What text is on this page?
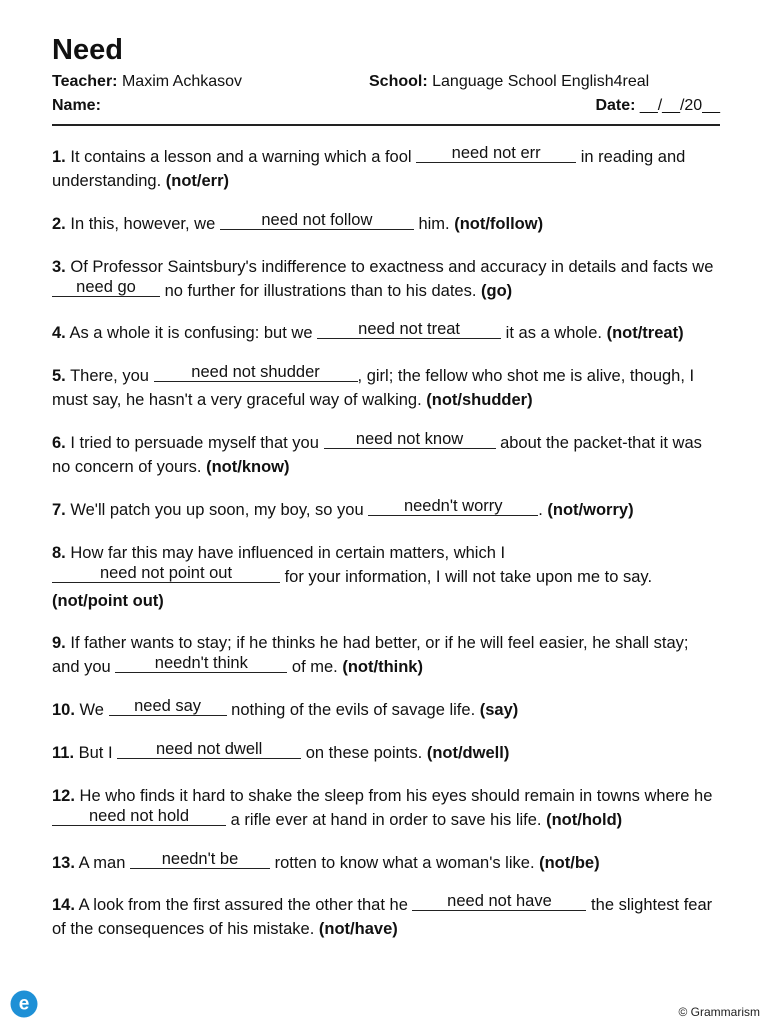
Need
Teacher: Maxim Achkasov	School: Language School English4real
Name:	Date: __/__/20__

1. It contains a lesson and a warning which a fool need not err in reading and understanding. (not/err)

2. In this, however, we	need not follow	him. (not/follow)

3. Of Professor Saintsbury's indifference to exactness and accuracy in details and facts we need go no further for illustrations than to his dates. (go)

4. As a whole it is confusing: but we need not treat it as a whole. (not/treat)

5. There, you need not shudder , girl; the fellow who shot me is alive, though, I must say, he hasn't a very graceful way of walking. (not/shudder)

6. I tried to persuade myself that you need not know about the packet-that it was no concern of yours. (not/know)

7. We'll patch you up soon, my boy, so you needn't worry . (not/worry)

8. How far this may have influenced in certain matters, which I need not point out	for your information, I will not take upon me to say. (not/point out)

9. If father wants to stay; if he thinks he had better, or if he will feel easier, he shall stay; and you needn't think of me. (not/think)

10. We need say nothing of the evils of savage life. (say)

11. But I need not dwell on these points. (not/dwell)

12. He who finds it hard to shake the sleep from his eyes should remain in towns where he need not hold a rifle ever at hand in order to save his life. (not/hold)

13. A man needn't be rotten to know what a woman's like. (not/be)

14. A look from the first assured the other that he need not have the slightest fear of the consequences of his mistake. (not/have)

e	© Grammarism
